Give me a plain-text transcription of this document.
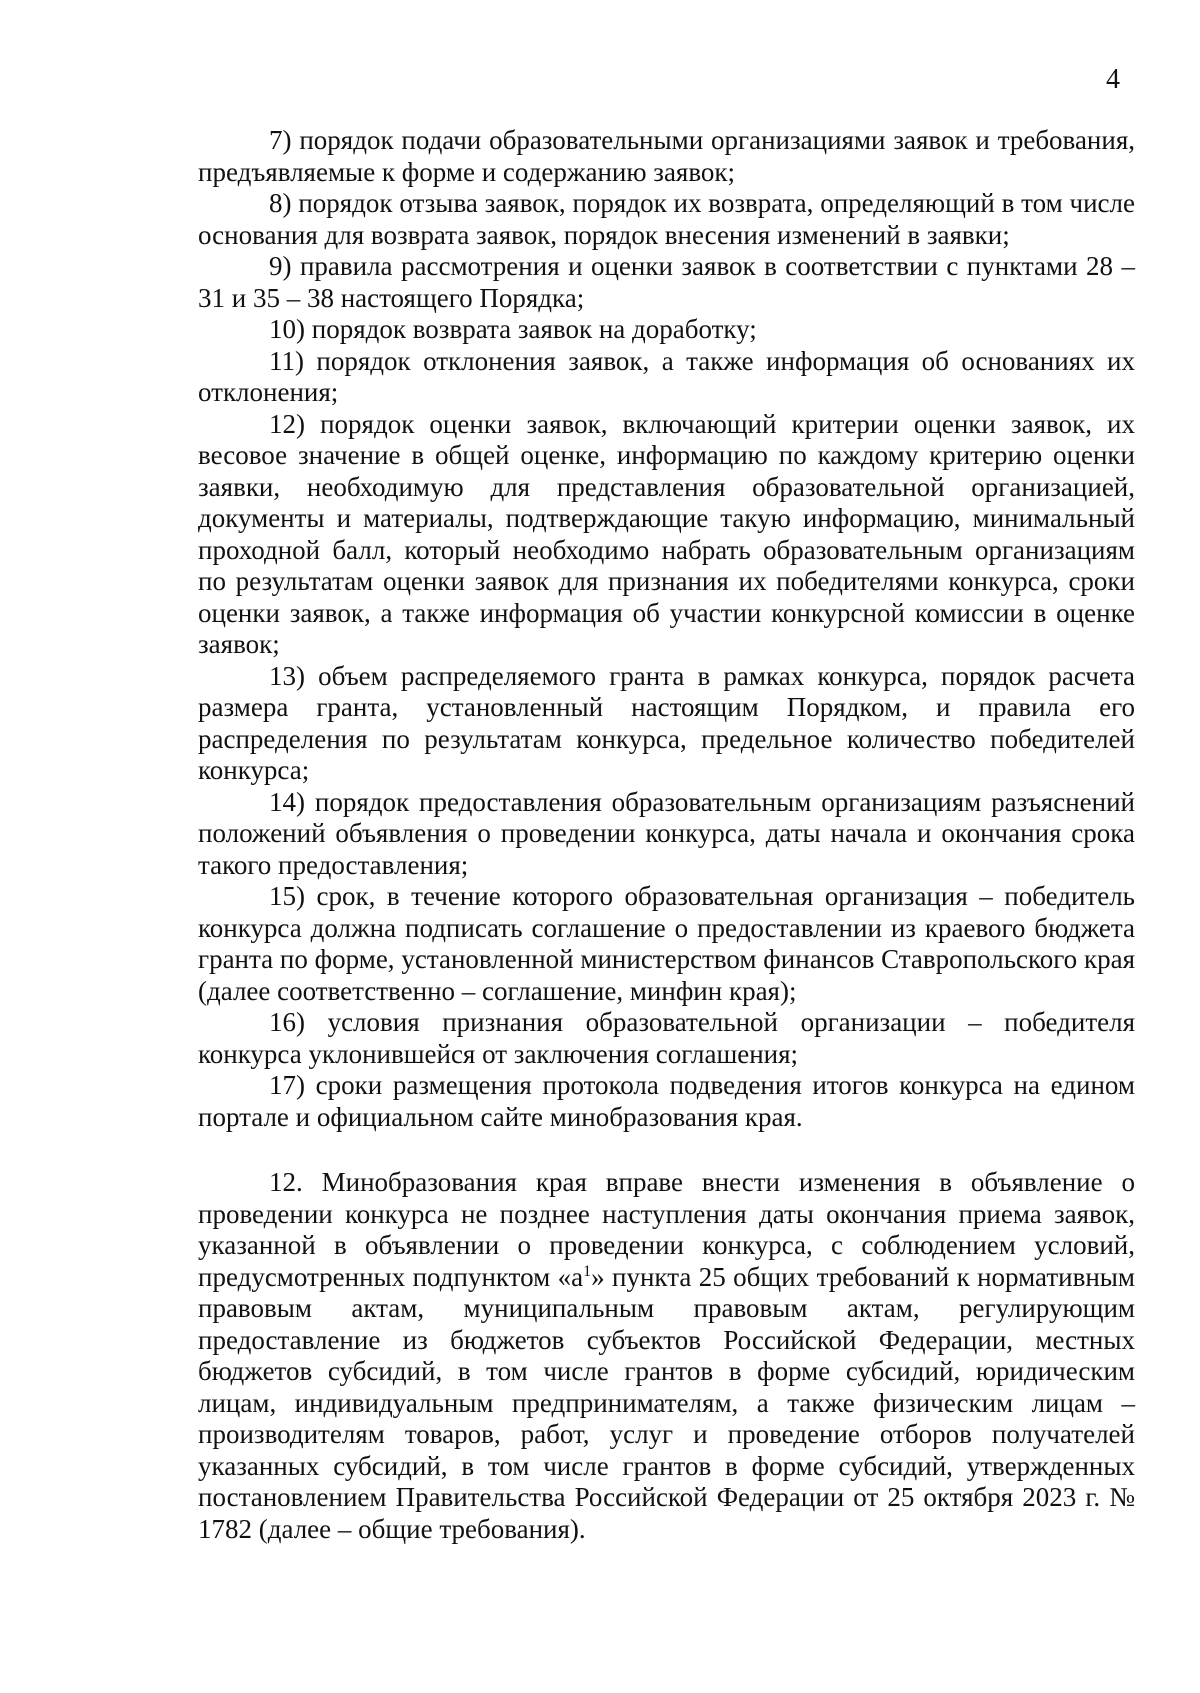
4

7) порядок подачи образовательными организациями заявок и требования, предъявляемые к форме и содержанию заявок;

8) порядок отзыва заявок, порядок их возврата, определяющий в том числе основания для возврата заявок, порядок внесения изменений в заявки;

9) правила рассмотрения и оценки заявок в соответствии с пунктами 28 – 31 и 35 – 38 настоящего Порядка;

10) порядок возврата заявок на доработку;

11) порядок отклонения заявок, а также информация об основаниях их отклонения;

12) порядок оценки заявок, включающий критерии оценки заявок, их весовое значение в общей оценке, информацию по каждому критерию оценки заявки, необходимую для представления образовательной организацией, документы и материалы, подтверждающие такую информацию, минимальный проходной балл, который необходимо набрать образовательным организациям по результатам оценки заявок для признания их победителями конкурса, сроки оценки заявок, а также информация об участии конкурсной комиссии в оценке заявок;

13) объем распределяемого гранта в рамках конкурса, порядок расчета размера гранта, установленный настоящим Порядком, и правила его распределения по результатам конкурса, предельное количество победителей конкурса;

14) порядок предоставления образовательным организациям разъяснений положений объявления о проведении конкурса, даты начала и окончания срока такого предоставления;

15) срок, в течение которого образовательная организация – победитель конкурса должна подписать соглашение о предоставлении из краевого бюджета гранта по форме, установленной министерством финансов Ставропольского края (далее соответственно – соглашение, минфин края);

16) условия признания образовательной организации – победителя конкурса уклонившейся от заключения соглашения;

17) сроки размещения протокола подведения итогов конкурса на едином портале и официальном сайте минобразования края.

12. Минобразования края вправе внести изменения в объявление о проведении конкурса не позднее наступления даты окончания приема заявок, указанной в объявлении о проведении конкурса, с соблюдением условий, предусмотренных подпунктом «$а^1$» пункта 25 общих требований к нормативным правовым актам, муниципальным правовым актам, регулирующим предоставление из бюджетов субъектов Российской Федерации, местных бюджетов субсидий, в том числе грантов в форме субсидий, юридическим лицам, индивидуальным предпринимателям, а также физическим лицам – производителям товаров, работ, услуг и проведение отборов получателей указанных субсидий, в том числе грантов в форме субсидий, утвержденных постановлением Правительства Российской Федерации от 25 октября 2023 г. № 1782 (далее – общие требования).
